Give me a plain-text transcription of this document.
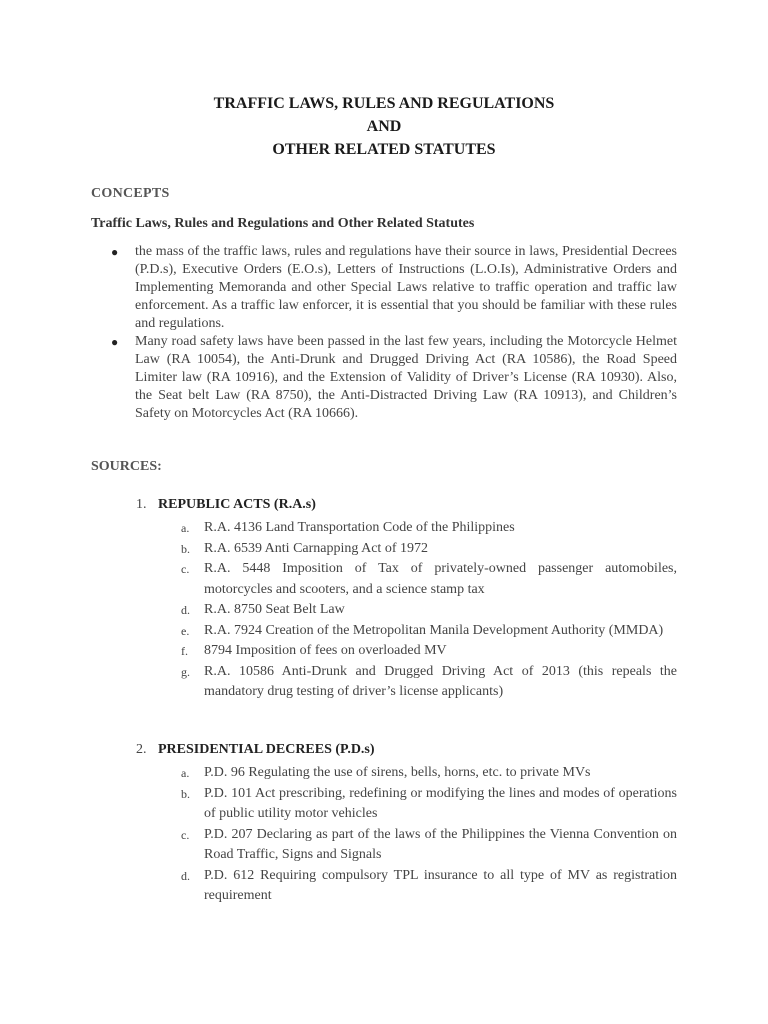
TRAFFIC LAWS, RULES AND REGULATIONS
AND
OTHER RELATED STATUTES
CONCEPTS
Traffic Laws, Rules and Regulations and Other Related Statutes
● the mass of the traffic laws, rules and regulations have their source in laws, Presidential Decrees (P.D.s), Executive Orders (E.O.s), Letters of Instructions (L.O.Is), Administrative Orders and Implementing Memoranda and other Special Laws relative to traffic operation and traffic law enforcement. As a traffic law enforcer, it is essential that you should be familiar with these rules and regulations.
● Many road safety laws have been passed in the last few years, including the Motorcycle Helmet Law (RA 10054), the Anti-Drunk and Drugged Driving Act (RA 10586), the Road Speed Limiter law (RA 10916), and the Extension of Validity of Driver’s License (RA 10930). Also, the Seat belt Law (RA 8750), the Anti-Distracted Driving Law (RA 10913), and Children’s Safety on Motorcycles Act (RA 10666).
SOURCES:
1. REPUBLIC ACTS (R.A.s)
a. R.A. 4136 Land Transportation Code of the Philippines
b. R.A. 6539 Anti Carnapping Act of 1972
c. R.A. 5448 Imposition of Tax of privately-owned passenger automobiles, motorcycles and scooters, and a science stamp tax
d. R.A. 8750 Seat Belt Law
e. R.A. 7924 Creation of the Metropolitan Manila Development Authority (MMDA)
f. 8794 Imposition of fees on overloaded MV
g. R.A. 10586 Anti-Drunk and Drugged Driving Act of 2013 (this repeals the mandatory drug testing of driver’s license applicants)
2. PRESIDENTIAL DECREES (P.D.s)
a. P.D. 96 Regulating the use of sirens, bells, horns, etc. to private MVs
b. P.D. 101 Act prescribing, redefining or modifying the lines and modes of operations of public utility motor vehicles
c. P.D. 207 Declaring as part of the laws of the Philippines the Vienna Convention on Road Traffic, Signs and Signals
d. P.D. 612 Requiring compulsory TPL insurance to all type of MV as registration requirement
